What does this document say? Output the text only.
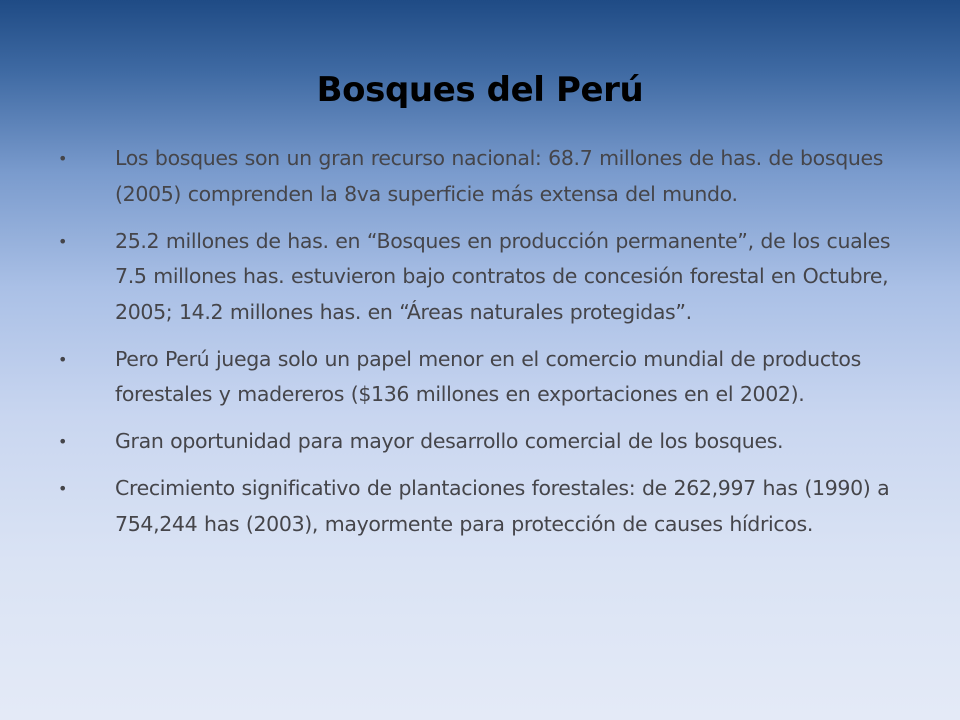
Bosques del Perú
• Los bosques son un gran recurso nacional: 68.7 millones de has. de bosques (2005) comprenden la 8va superficie más extensa del mundo.
• 25.2 millones de has. en “Bosques en producción permanente”, de los cuales 7.5 millones has. estuvieron bajo contratos de concesión forestal en Octubre, 2005; 14.2 millones has. en “Áreas naturales protegidas”.
• Pero Perú juega solo un papel menor en el comercio mundial de productos forestales y madereros ($136 millones en exportaciones en el 2002).
• Gran oportunidad para mayor desarrollo comercial de los bosques.
• Crecimiento significativo de plantaciones forestales: de 262,997 has (1990) a 754,244 has (2003), mayormente para protección de causes hídricos.
